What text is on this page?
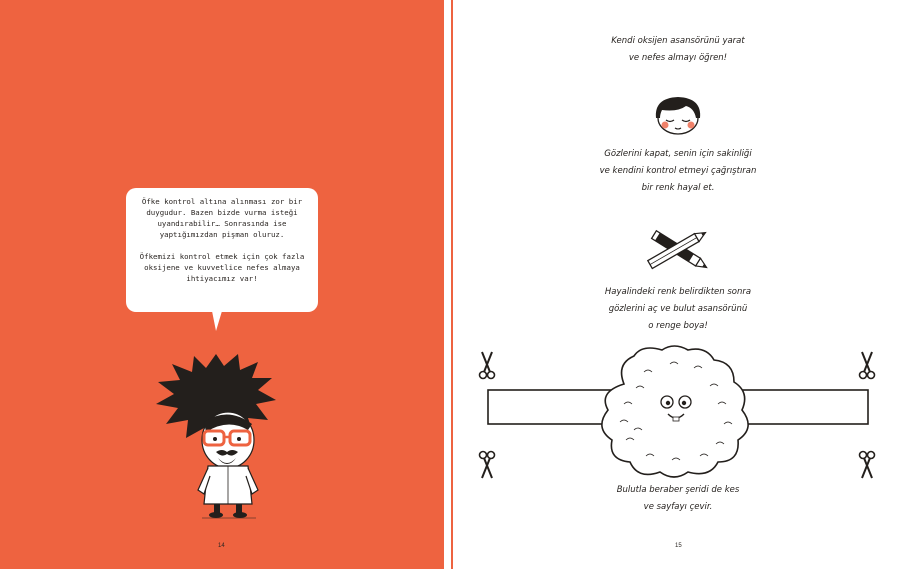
Öfke kontrol altına alınması zor bir duygudur. Bazen bizde vurma isteği uyandırabilir… Sonrasında ise yaptığımızdan pişman oluruz.

Öfkemizi kontrol etmek için çok fazla oksijene ve kuvvetlice nefes almaya ihtiyacımız var!

14
Kendi oksijen asansörünü yarat
ve nefes almayı öğren!
Gözlerini kapat, senin için sakinliği
ve kendini kontrol etmeyi çağrıştıran
bir renk hayal et.
Hayalindeki renk belirdikten sonra
gözlerini aç ve bulut asansörünü
o renge boya!
Bulutla beraber şeridi de kes
ve sayfayı çevir.
15
